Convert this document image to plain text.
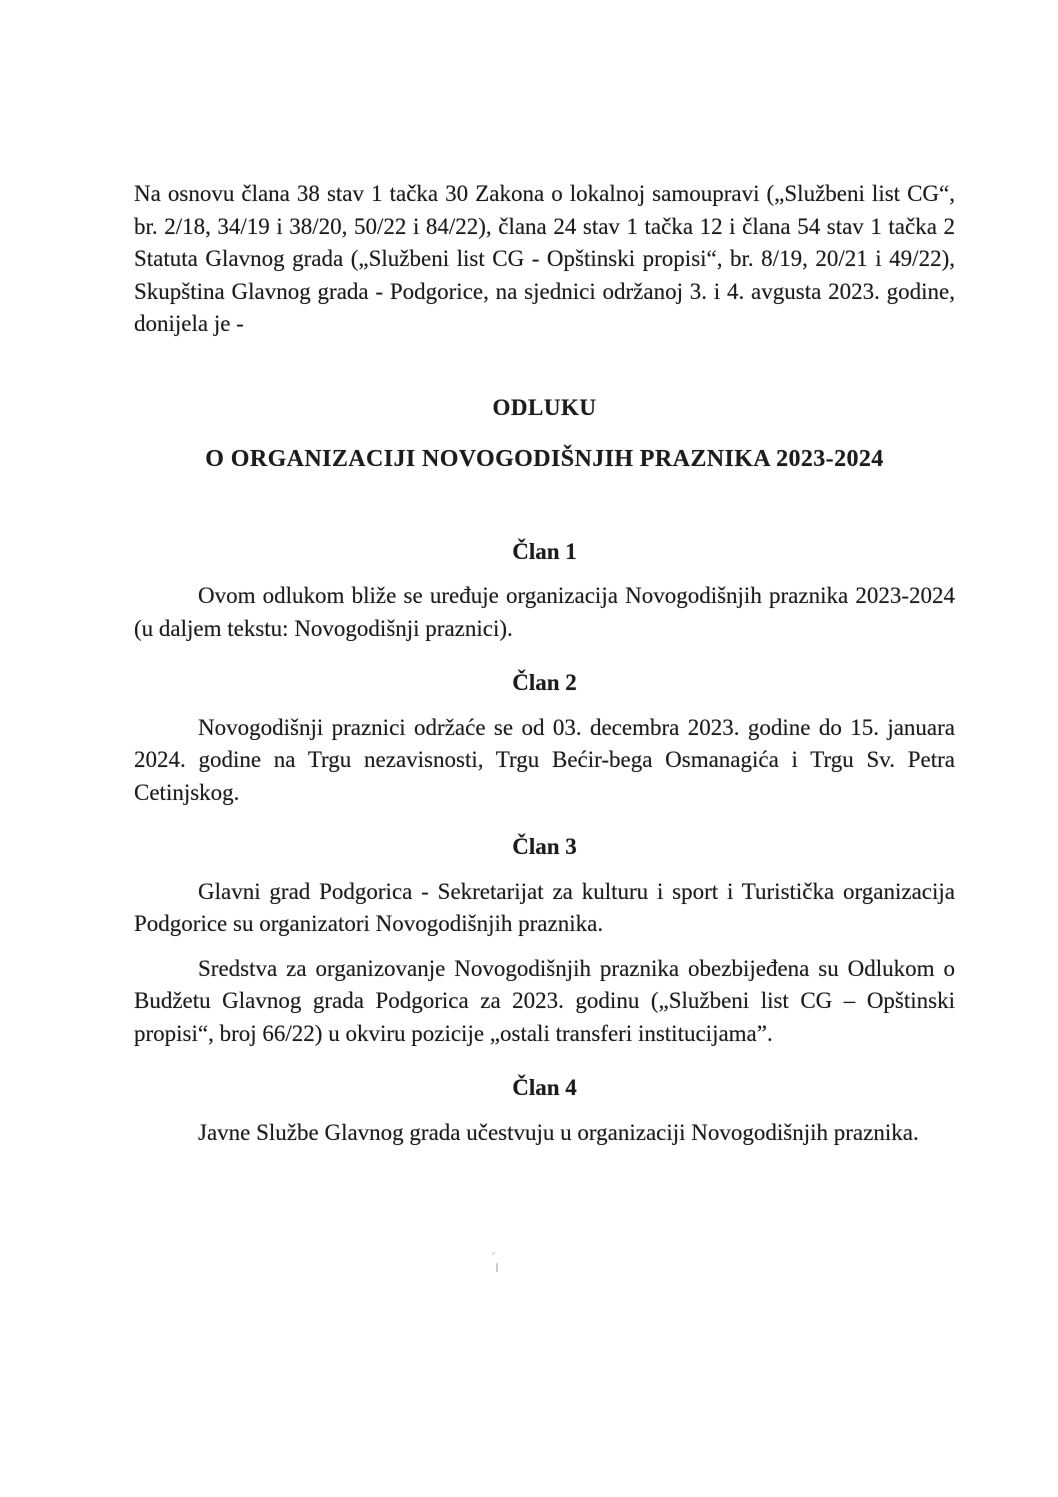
Na osnovu člana 38 stav 1 tačka 30 Zakona o lokalnoj samoupravi („Službeni list CG“, br. 2/18, 34/19 i 38/20, 50/22 i 84/22), člana 24 stav 1 tačka 12 i člana 54 stav 1 tačka 2 Statuta Glavnog grada („Službeni list CG - Opštinski propisi“, br. 8/19, 20/21 i 49/22), Skupština Glavnog grada - Podgorice, na sjednici održanoj 3. i 4. avgusta 2023. godine, donijela je -

ODLUKU
O ORGANIZACIJI NOVOGODIŠNJIH PRAZNIKA 2023-2024
Član 1

Ovom odlukom bliže se uređuje organizacija Novogodišnjih praznika 2023-2024 (u daljem tekstu: Novogodišnji praznici).

Član 2

Novogodišnji praznici održaće se od 03. decembra 2023. godine do 15. januara 2024. godine na Trgu nezavisnosti, Trgu Bećir-bega Osmanagića i Trgu Sv. Petra Cetinjskog.

Član 3

Glavni grad Podgorica - Sekretarijat za kulturu i sport i Turistička organizacija Podgorice su organizatori Novogodišnjih praznika.

Sredstva za organizovanje Novogodišnjih praznika obezbijeđena su Odlukom o Budžetu Glavnog grada Podgorica za 2023. godinu („Službeni list CG – Opštinski propisi“, broj 66/22) u okviru pozicije „ostali transferi institucijama”.

Član 4

Javne Službe Glavnog grada učestvuju u organizaciji Novogodišnjih praznika.
